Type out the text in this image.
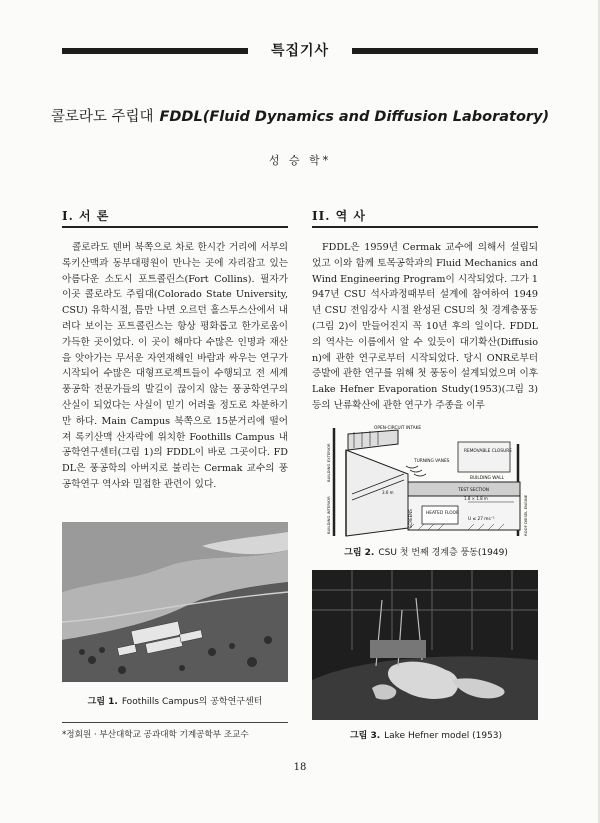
특집기사
콜로라도 주립대 FDDL(Fluid Dynamics and Diffusion Laboratory)
성 승 학*
I. 서 론

콜로라도 덴버 북쪽으로 차로 한시간 거리에 서부의 록키산맥과 동부대평원이 만나는 곳에 자리잡고 있는 아름다운 소도시 포트콜린스(Fort Collins). 필자가 이곳 콜로라도 주립대(Colorado State University, CSU) 유학시절, 틈만 나면 오르던 홀스투스산에서 내려다 보이는 포트콜린스는 항상 평화롭고 한가로움이 가득한 곳이었다. 이 곳이 해마다 수많은 인명과 재산을 앗아가는 무서운 자연재해인 바람과 싸우는 연구가 시작되어 수많은 대형프로젝트들이 수행되고 전 세계 풍공학 전문가들의 발길이 끊이지 않는 풍공학연구의 산실이 되었다는 사실이 믿기 어려울 정도로 차분하기만 하다. Main Campus 북쪽으로 15분거리에 떨어져 록키산맥 산자락에 위치한 Foothills Campus 내 공학연구센터(그림 1)의 FDDL이 바로 그곳이다. FDDL은 풍공학의 아버지로 불리는 Cermak 교수의 풍공학연구 역사와 밀접한 관련이 있다.

II. 역 사

FDDL은 1959년 Cermak 교수에 의해서 설립되었고 이와 함께 토목공학과의 Fluid Mechanics and Wind Engineering Program이 시작되었다. 그가 1947년 CSU 석사과정때부터 설계에 참여하여 1949년 CSU 전임강사 시절 완성된 CSU의 첫 경계층풍동(그림 2)이 만들어진지 꼭 10년 후의 일이다. FDDL의 역사는 이름에서 알 수 있듯이 대기확산(Diffusion)에 관한 연구로부터 시작되었다. 당시 ONR로부터 증발에 관한 연구를 위해 첫 풍동이 설계되었으며 이후 Lake Hefner Evaporation Study(1953)(그림 3) 등의 난류확산에 관한 연구가 주종을 이루

OPEN-CIRCUIT INTAKE
REMOVABLE CLOSURE
TURNING VANES
BUILDING WALL
TEST SECTION
1.8 × 1.8 m
HEATED FLOOR
U ≤ 27 ms⁻¹
3.6 m
SCREENS
BUILDING EXTERIOR
BUILDING INTERIOR	ROOF DIESEL ENGINE
그림 2. CSU 첫 번째 경계층 풍동(1949)
그림 1. Foothills Campus의 공학연구센터
그림 3. Lake Hefner model (1953)
*정회원 · 부산대학교 공과대학 기계공학부 조교수
18
